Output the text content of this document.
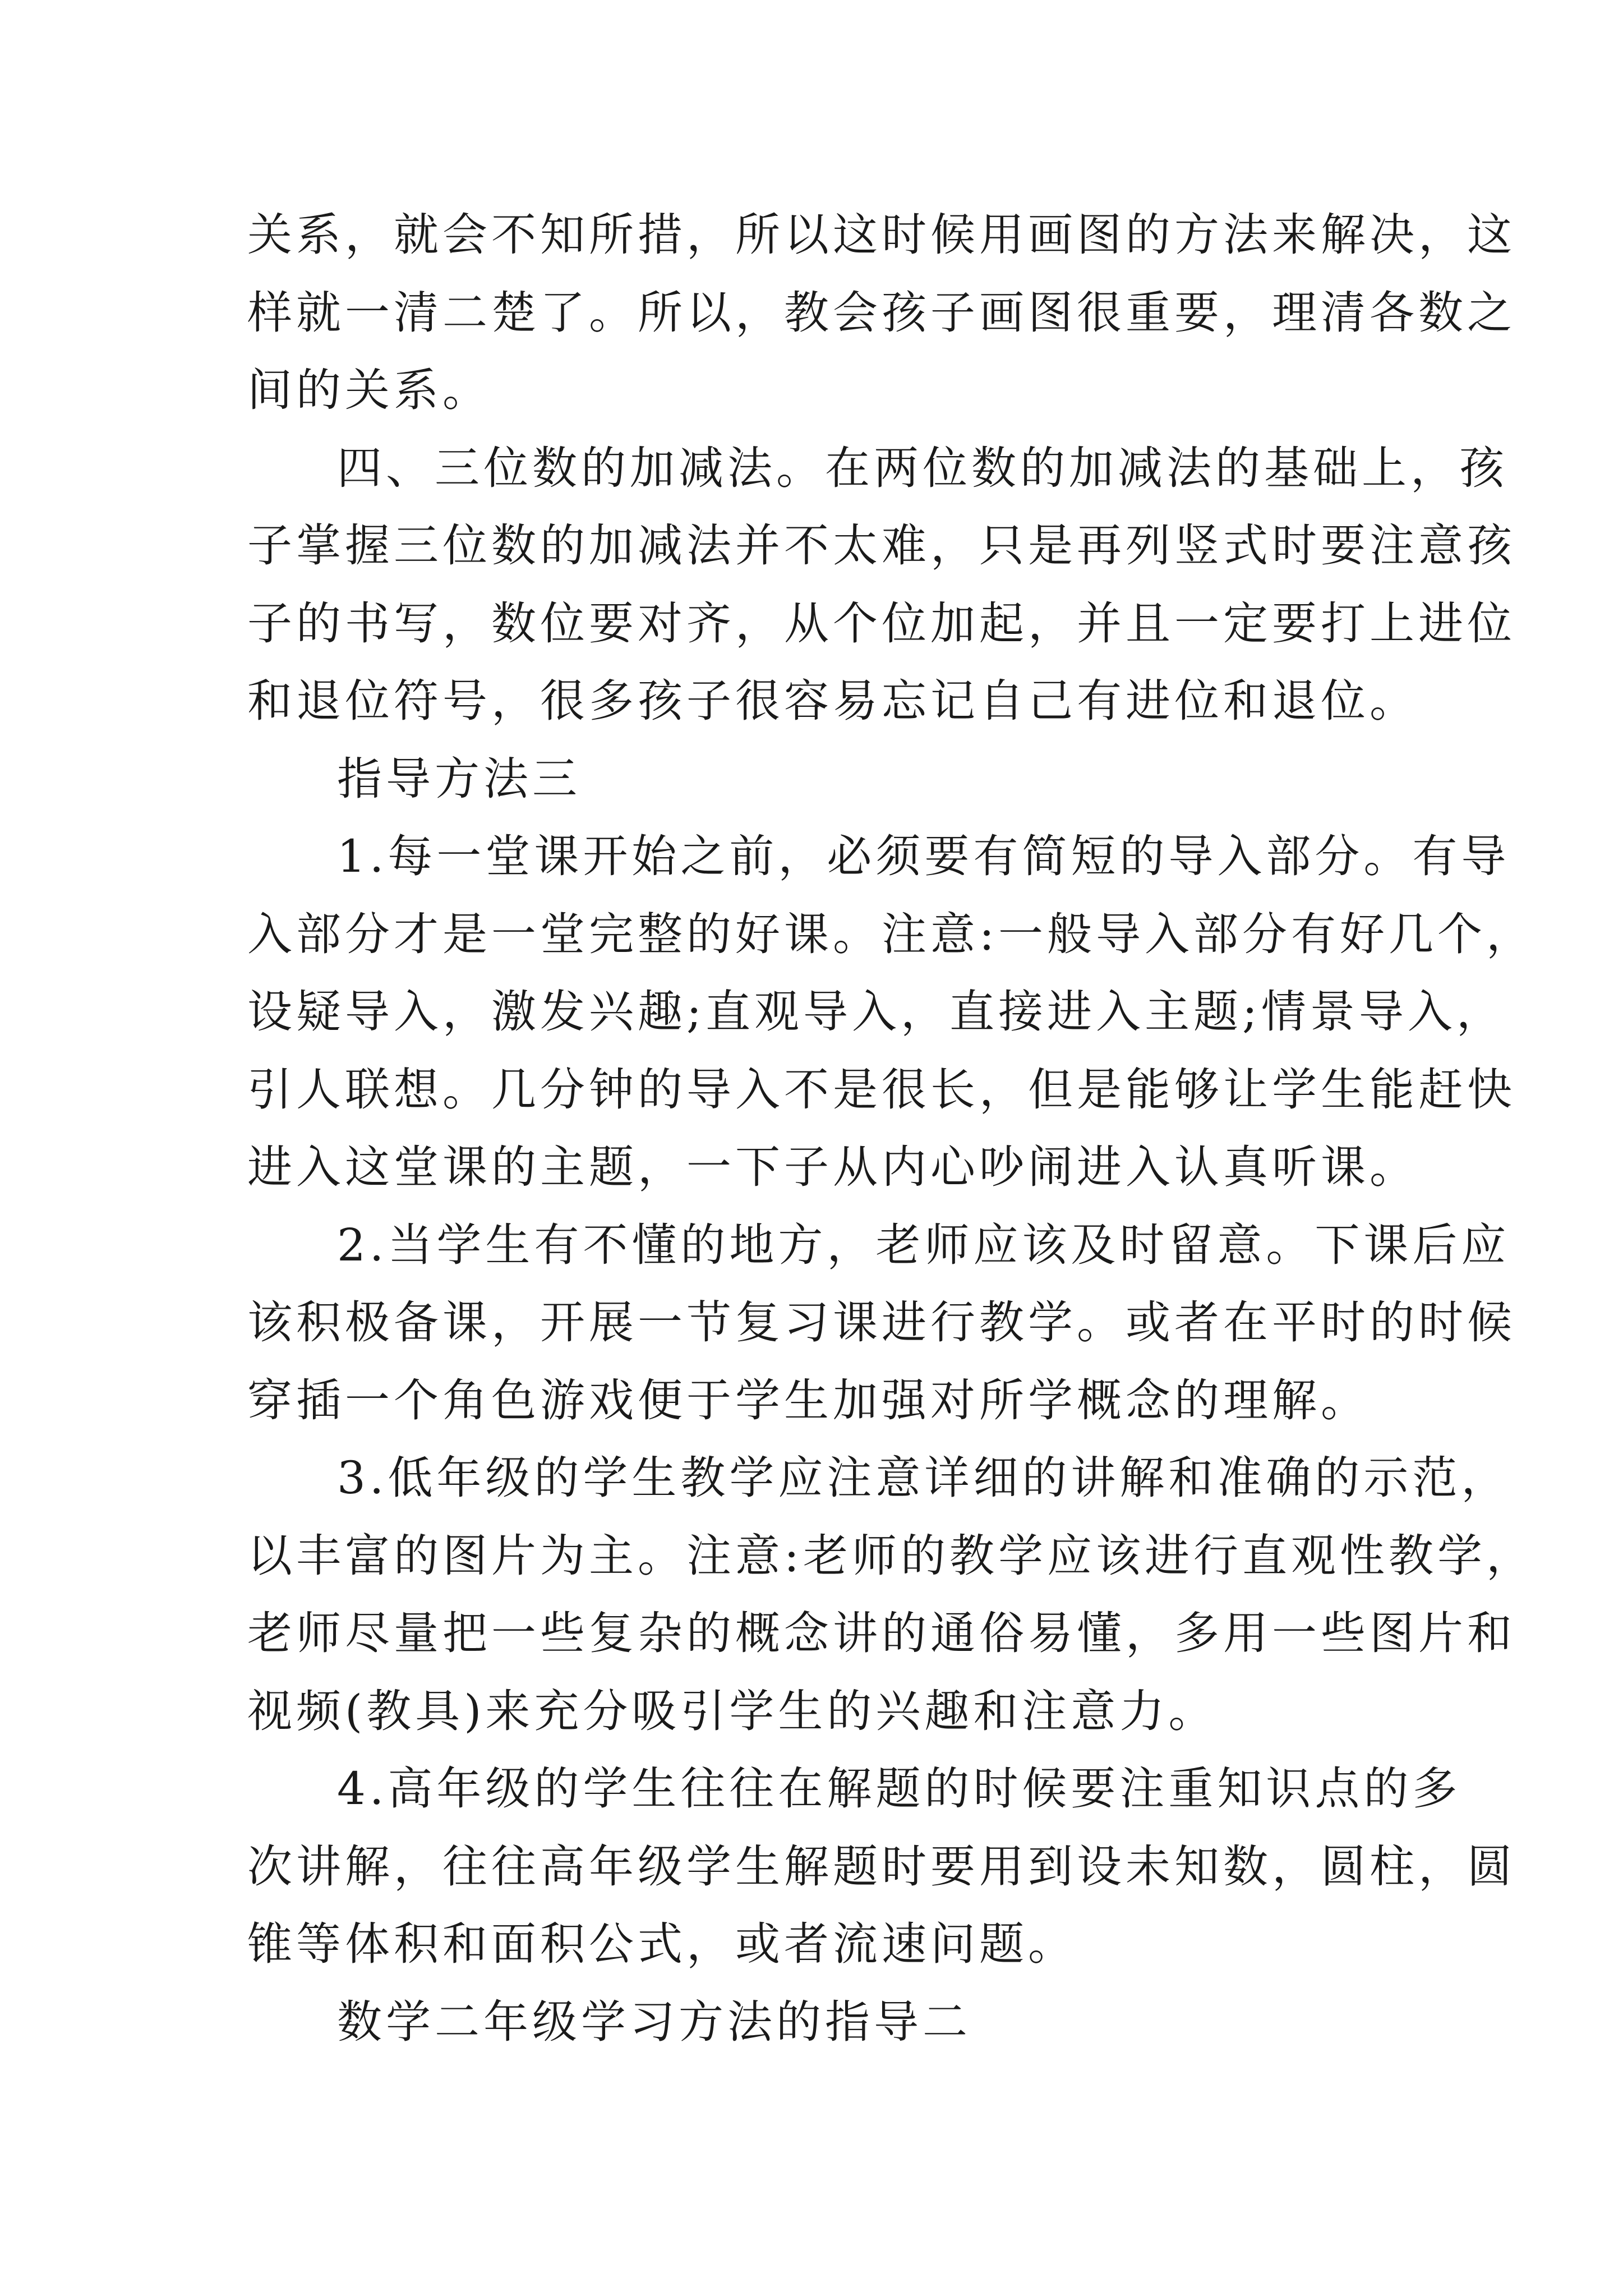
关系，就会不知所措，所以这时候用画图的方法来解决，这
样就一清二楚了。所以，教会孩子画图很重要，理清各数之
间的关系。

四、三位数的加减法。在两位数的加减法的基础上，孩
子掌握三位数的加减法并不太难，只是再列竖式时要注意孩
子的书写，数位要对齐，从个位加起，并且一定要打上进位
和退位符号，很多孩子很容易忘记自己有进位和退位。

指导方法三

1.每一堂课开始之前，必须要有简短的导入部分。有导
入部分才是一堂完整的好课。注意:一般导入部分有好几个，
设疑导入，激发兴趣;直观导入，直接进入主题;情景导入，
引人联想。几分钟的导入不是很长，但是能够让学生能赶快
进入这堂课的主题，一下子从内心吵闹进入认真听课。

2.当学生有不懂的地方，老师应该及时留意。下课后应
该积极备课，开展一节复习课进行教学。或者在平时的时候
穿插一个角色游戏便于学生加强对所学概念的理解。

3.低年级的学生教学应注意详细的讲解和准确的示范，
以丰富的图片为主。注意:老师的教学应该进行直观性教学，
老师尽量把一些复杂的概念讲的通俗易懂，多用一些图片和
视频(教具)来充分吸引学生的兴趣和注意力。

4.高年级的学生往往在解题的时候要注重知识点的多
次讲解，往往高年级学生解题时要用到设未知数，圆柱，圆
锥等体积和面积公式，或者流速问题。

数学二年级学习方法的指导二
